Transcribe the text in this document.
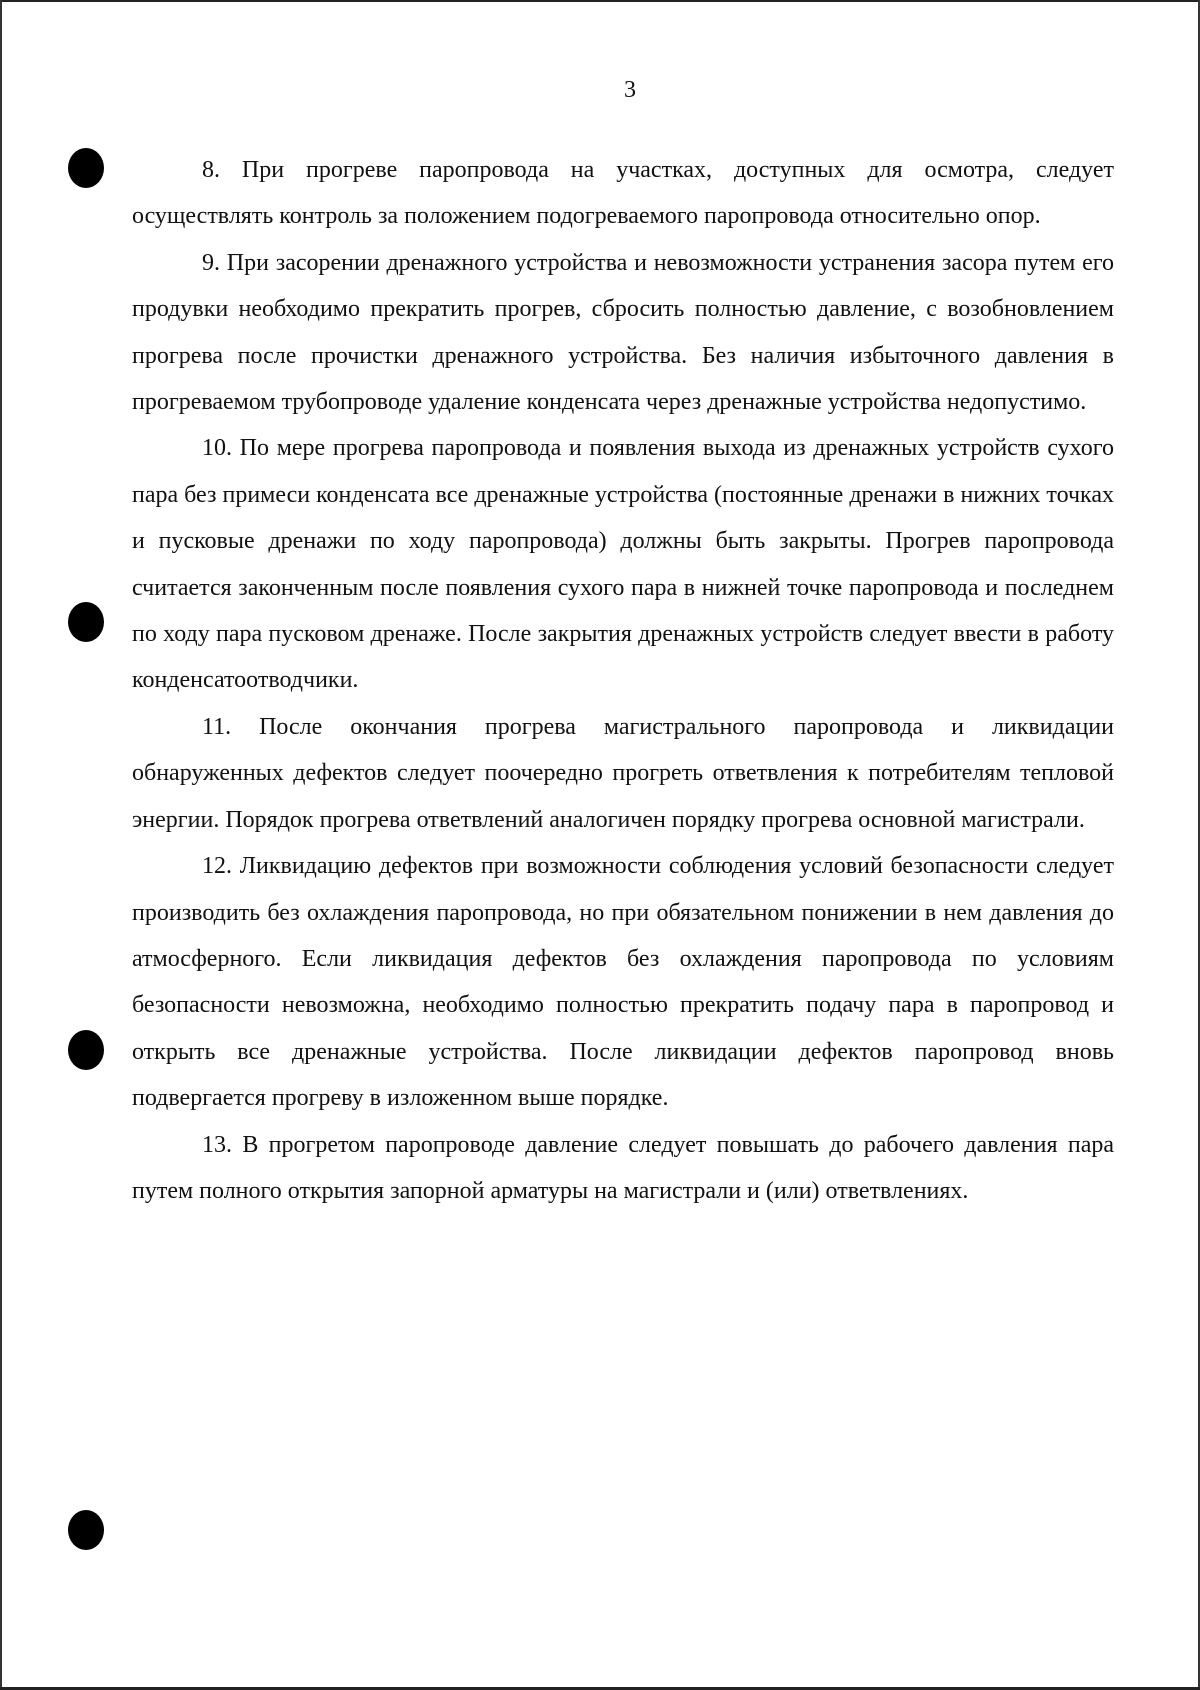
3

8. При прогреве паропровода на участках, доступных для осмотра, следует осуществлять контроль за положением подогреваемого паропровода относительно опор.

9. При засорении дренажного устройства и невозможности устранения засора путем его продувки необходимо прекратить прогрев, сбросить полностью давление, с возобновлением прогрева после прочистки дренажного устройства. Без наличия избыточного давления в прогреваемом трубопроводе удаление конденсата через дренажные устройства недопустимо.

10. По мере прогрева паропровода и появления выхода из дренажных устройств сухого пара без примеси конденсата все дренажные устройства (постоянные дренажи в нижних точках и пусковые дренажи по ходу паропровода) должны быть закрыты. Прогрев паропровода считается законченным после появления сухого пара в нижней точке паропровода и последнем по ходу пара пусковом дренаже. После закрытия дренажных устройств следует ввести в работу конденсатоотводчики.

11. После окончания прогрева магистрального паропровода и ликвидации обнаруженных дефектов следует поочередно прогреть ответвления к потребителям тепловой энергии. Порядок прогрева ответвлений аналогичен порядку прогрева основной магистрали.

12. Ликвидацию дефектов при возможности соблюдения условий безопасности следует производить без охлаждения паропровода, но при обязательном понижении в нем давления до атмосферного. Если ликвидация дефектов без охлаждения паропровода по условиям безопасности невозможна, необходимо полностью прекратить подачу пара в паропровод и открыть все дренажные устройства. После ликвидации дефектов паропровод вновь подвергается прогреву в изложенном выше порядке.

13. В прогретом паропроводе давление следует повышать до рабочего давления пара путем полного открытия запорной арматуры на магистрали и (или) ответвлениях.
